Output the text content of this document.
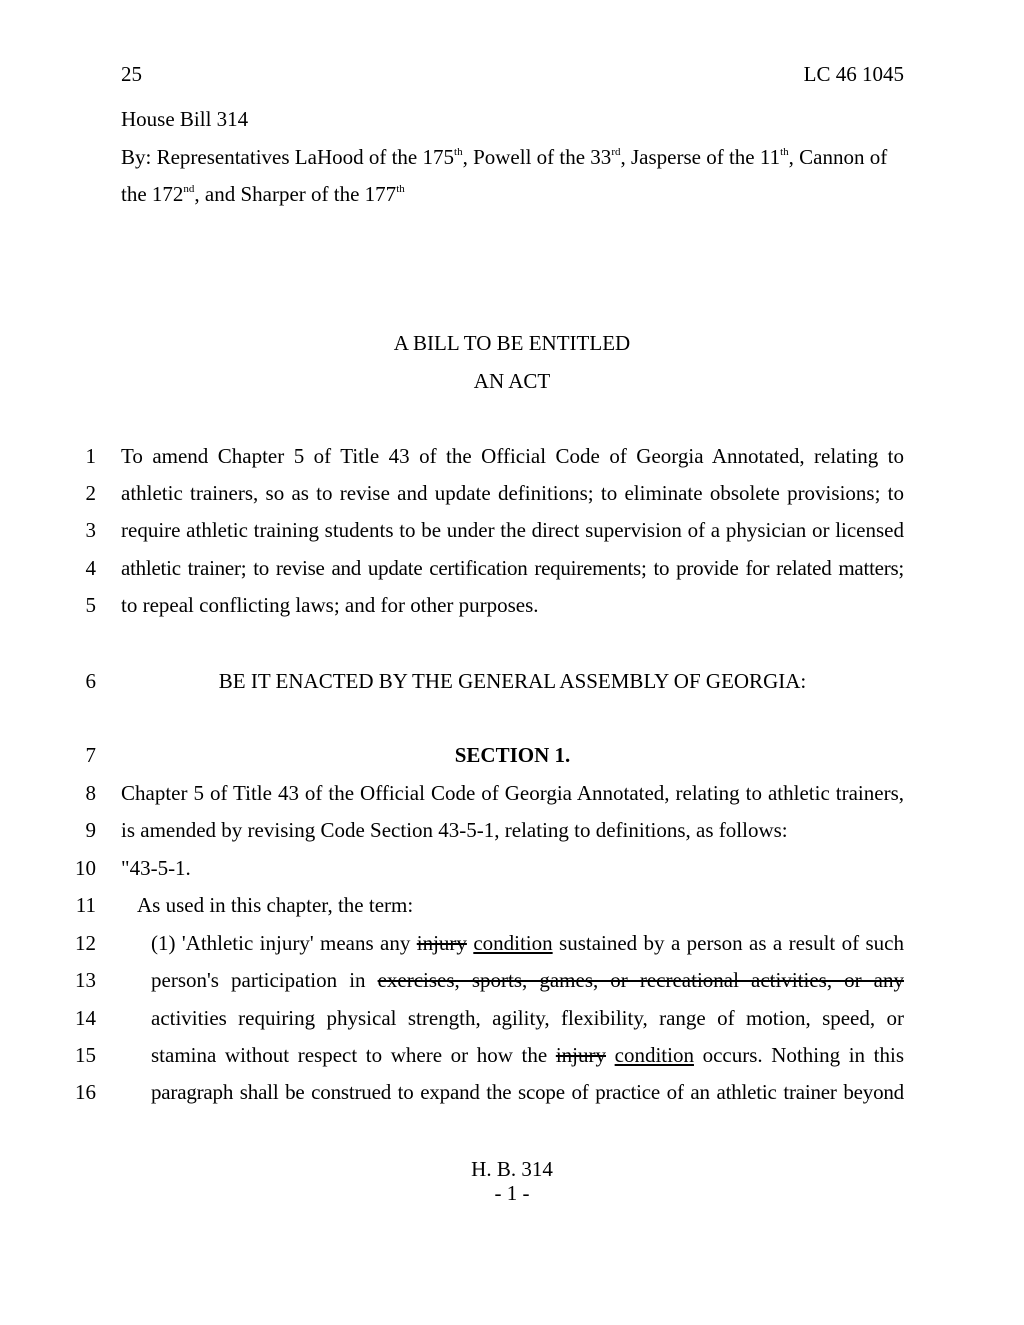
25	LC 46 1045
House Bill 314
By: Representatives LaHood of the 175th, Powell of the 33rd, Jasperse of the 11th, Cannon of
the 172nd, and Sharper of the 177th
A BILL TO BE ENTITLED
AN ACT
1 To amend Chapter 5 of Title 43 of the Official Code of Georgia Annotated, relating to
2 athletic trainers, so as to revise and update definitions; to eliminate obsolete provisions; to
3 require athletic training students to be under the direct supervision of a physician or licensed
4 athletic trainer; to revise and update certification requirements; to provide for related matters;
5 to repeal conflicting laws; and for other purposes.
6	BE IT ENACTED BY THE GENERAL ASSEMBLY OF GEORGIA:
7	SECTION 1.
8 Chapter 5 of Title 43 of the Official Code of Georgia Annotated, relating to athletic trainers,
9 is amended by revising Code Section 43-5-1, relating to definitions, as follows:
10 "43-5-1.
11 As used in this chapter, the term:
12	(1) 'Athletic injury' means any injury condition sustained by a person as a result of such
13	person's participation in exercises, sports, games, or recreational activities, or any
14	activities requiring physical strength, agility, flexibility, range of motion, speed, or
15	stamina without respect to where or how the injury condition occurs. Nothing in this
16	paragraph shall be construed to expand the scope of practice of an athletic trainer beyond
H. B. 314
- 1 -
